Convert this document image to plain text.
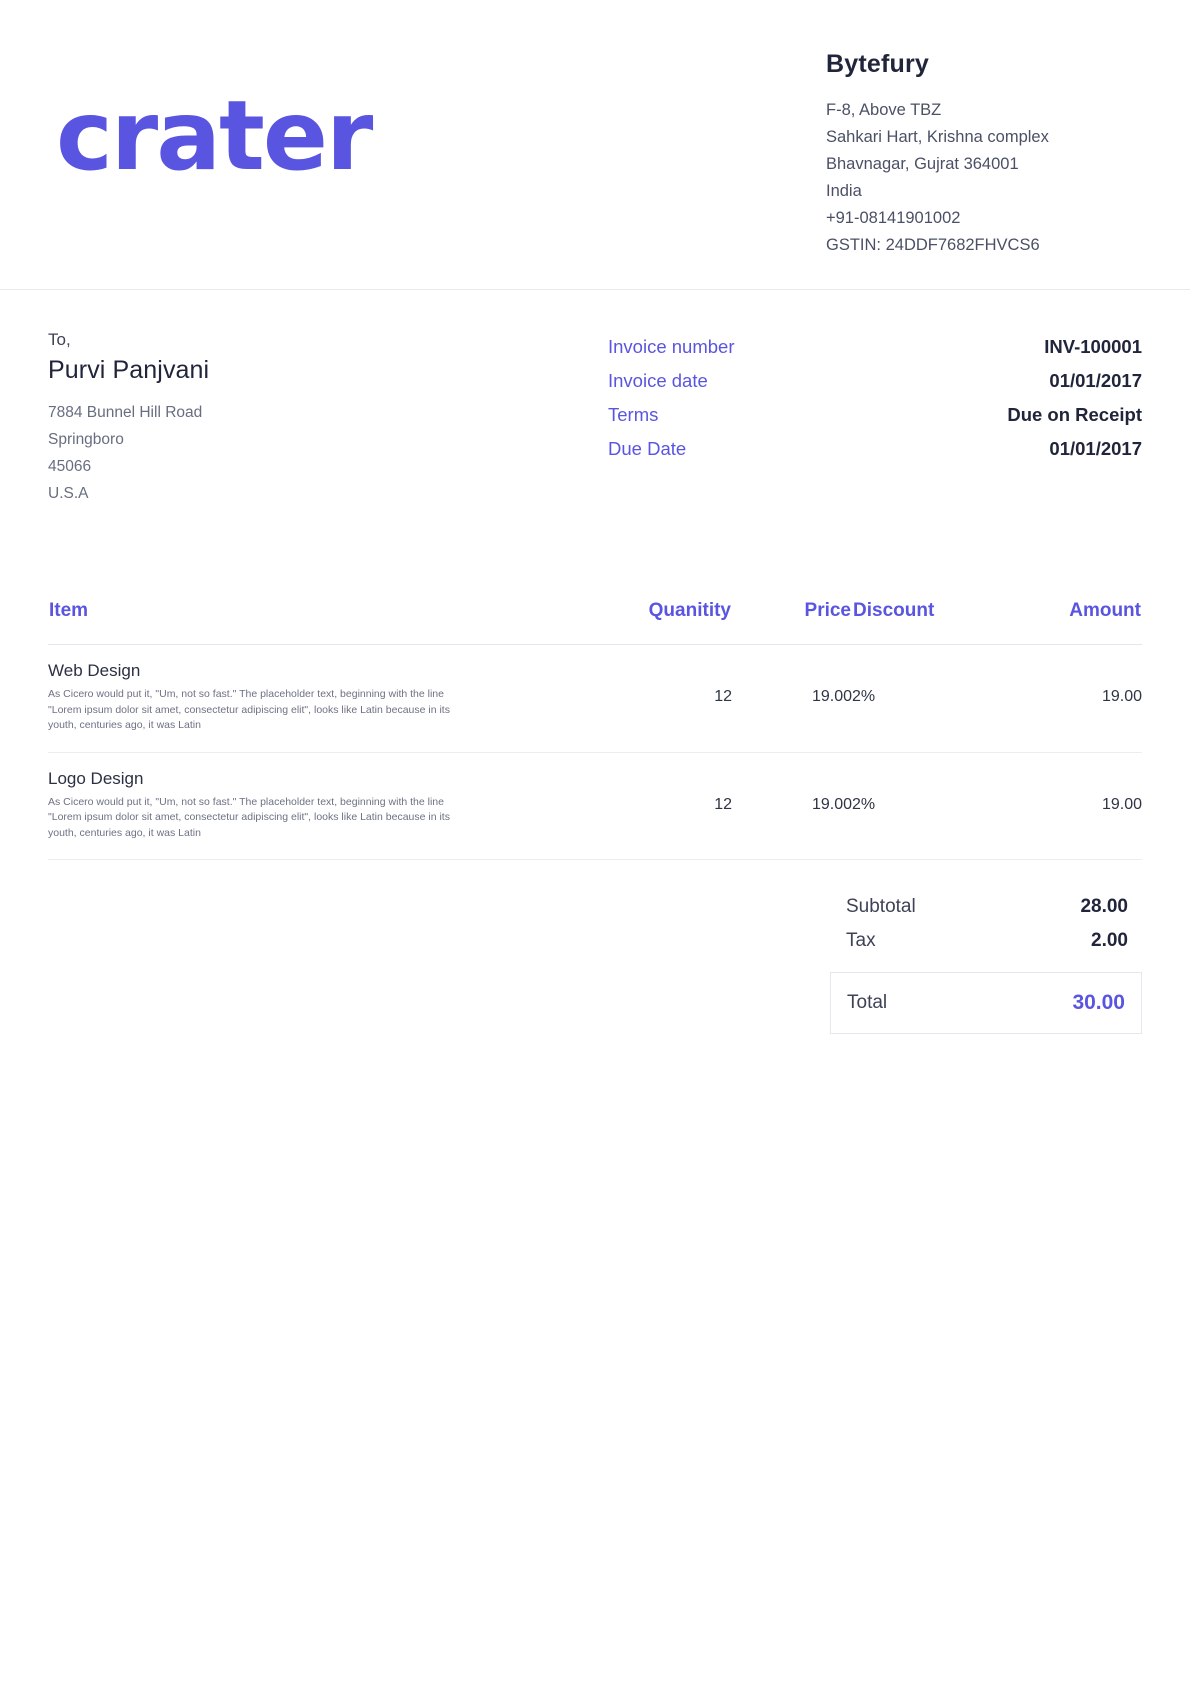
crater
Bytefury
F-8, Above TBZ
Sahkari Hart, Krishna complex
Bhavnagar, Gujrat 364001
India
+91-08141901002
GSTIN: 24DDF7682FHVCS6
To,
Purvi Panjvani
7884 Bunnel Hill Road
Springboro
45066
U.S.A
Invoice number	INV-100001
Invoice date	01/01/2017
Terms	Due on Receipt
Due Date	01/01/2017
Item	Quanitity	Price	Discount	Amount

Web Design
As Cicero would put it, "Um, not so fast." The placeholder text, beginning with the line "Lorem ipsum dolor sit amet, consectetur adipiscing elit", looks like Latin because in its youth, centuries ago, it was Latin	12	19.00	2%	19.00

Logo Design
As Cicero would put it, "Um, not so fast." The placeholder text, beginning with the line "Lorem ipsum dolor sit amet, consectetur adipiscing elit", looks like Latin because in its youth, centuries ago, it was Latin	12	19.00	2%	19.00
Subtotal	28.00
Tax	2.00
Total	30.00
